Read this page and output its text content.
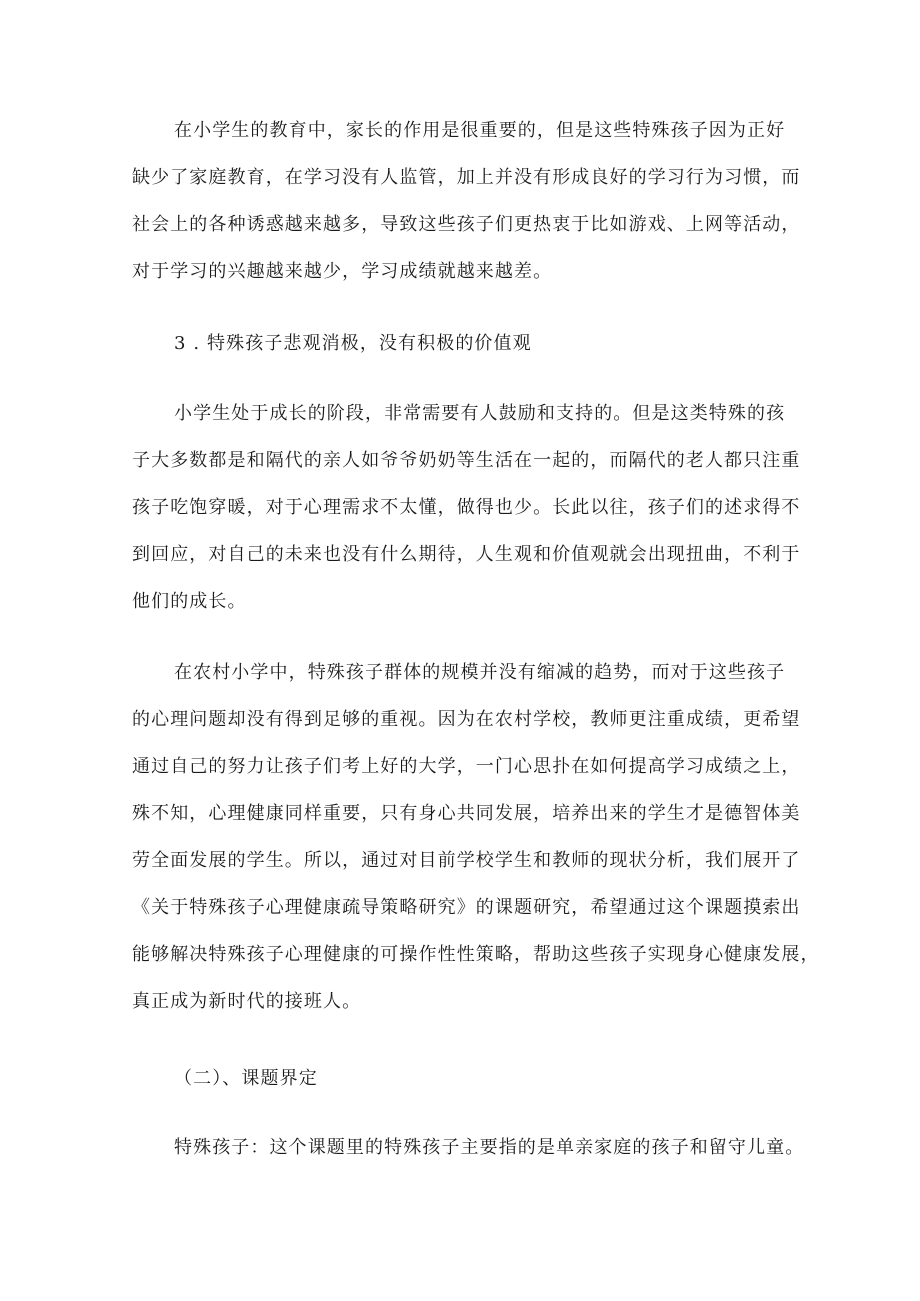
在小学生的教育中，家长的作用是很重要的，但是这些特殊孩子因为正好
缺少了家庭教育，在学习没有人监管，加上并没有形成良好的学习行为习惯，而
社会上的各种诱惑越来越多，导致这些孩子们更热衷于比如游戏、上网等活动，
对于学习的兴趣越来越少，学习成绩就越来越差。
3 . 特殊孩子悲观消极，没有积极的价值观
小学生处于成长的阶段，非常需要有人鼓励和支持的。但是这类特殊的孩
子大多数都是和隔代的亲人如爷爷奶奶等生活在一起的，而隔代的老人都只注重
孩子吃饱穿暖，对于心理需求不太懂，做得也少。长此以往，孩子们的述求得不
到回应，对自己的未来也没有什么期待，人生观和价值观就会出现扭曲，不利于
他们的成长。
在农村小学中，特殊孩子群体的规模并没有缩减的趋势，而对于这些孩子
的心理问题却没有得到足够的重视。因为在农村学校，教师更注重成绩，更希望
通过自己的努力让孩子们考上好的大学，一门心思扑在如何提高学习成绩之上，
殊不知，心理健康同样重要，只有身心共同发展，培养出来的学生才是德智体美
劳全面发展的学生。所以，通过对目前学校学生和教师的现状分析，我们展开了
《关于特殊孩子心理健康疏导策略研究》的课题研究，希望通过这个课题摸索出
能够解决特殊孩子心理健康的可操作性性策略，帮助这些孩子实现身心健康发展，
真正成为新时代的接班人。
（二）、课题界定
特殊孩子：这个课题里的特殊孩子主要指的是单亲家庭的孩子和留守儿童。
